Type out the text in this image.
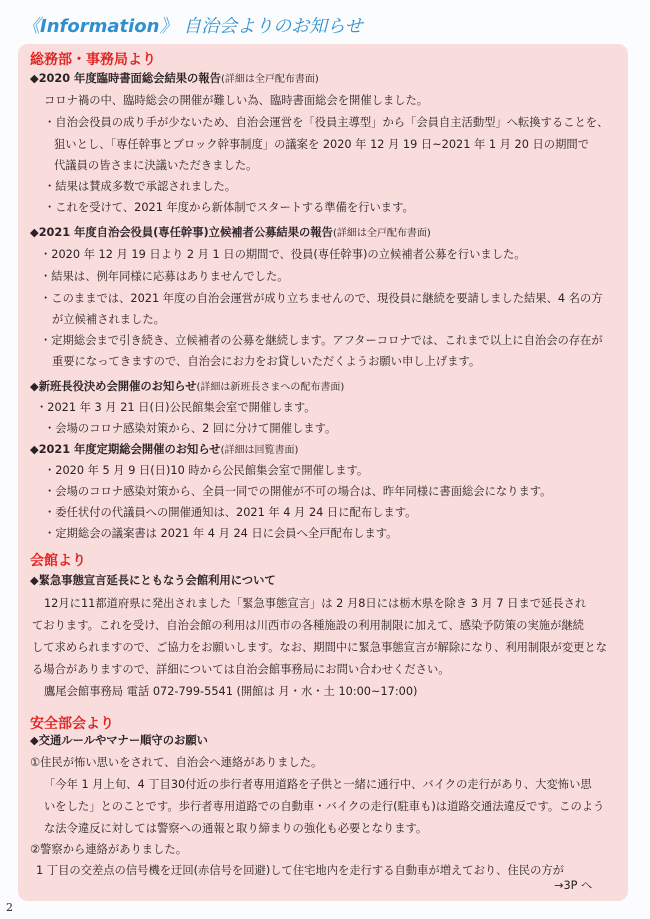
《Information》 自治会よりのお知らせ
総務部・事務局より
◆2020 年度臨時書面総会結果の報告(詳細は全戸配布書面)
コロナ禍の中、臨時総会の開催が難しい為、臨時書面総会を開催しました。
・自治会役員の成り手が少ないため、自治会運営を「役員主導型」から「会員自主活動型」へ転換することを、
狙いとし、「専任幹事とブロック幹事制度」の議案を 2020 年 12 月 19 日~2021 年 1 月 20 日の期間で
代議員の皆さまに決議いただきました。
・結果は賛成多数で承認されました。
・これを受けて、2021 年度から新体制でスタートする準備を行います。
◆2021 年度自治会役員(専任幹事)立候補者公募結果の報告(詳細は全戸配布書面)
・2020 年 12 月 19 日より 2 月 1 日の期間で、役員(専任幹事)の立候補者公募を行いました。
・結果は、例年同様に応募はありませんでした。
・このままでは、2021 年度の自治会運営が成り立ちませんので、現役員に継続を要請しました結果、4 名の方
が立候補されました。
・定期総会まで引き続き、立候補者の公募を継続します。アフターコロナでは、これまで以上に自治会の存在が
重要になってきますので、自治会にお力をお貸しいただくようお願い申し上げます。
◆新班長役決め会開催のお知らせ(詳細は新班長さまへの配布書面)
・2021 年 3 月 21 日(日)公民館集会室で開催します。
・会場のコロナ感染対策から、2 回に分けて開催します。
◆2021 年度定期総会開催のお知らせ(詳細は回覧書面)
・2020 年 5 月 9 日(日)10 時から公民館集会室で開催します。
・会場のコロナ感染対策から、全員一同での開催が不可の場合は、昨年同様に書面総会になります。
・委任状付の代議員への開催通知は、2021 年 4 月 24 日に配布します。
・定期総会の議案書は 2021 年 4 月 24 日に会員へ全戸配布します。
会館より
◆緊急事態宣言延長にともなう会館利用について
12月に11都道府県に発出されました「緊急事態宣言」は 2 月8日には栃木県を除き 3 月 7 日まで延長され
ております。これを受け、自治会館の利用は川西市の各種施設の利用制限に加えて、感染予防策の実施が継続
して求められますので、ご協力をお願いします。なお、期間中に緊急事態宣言が解除になり、利用制限が変更とな
る場合がありますので、詳細については自治会館事務局にお問い合わせください。
鷹尾会館事務局 電話 072-799-5541 (開館は 月・水・土 10:00~17:00)
安全部会より
◆交通ルールやマナー順守のお願い
①住民が怖い思いをされて、自治会へ連絡がありました。
「今年 1 月上旬、4 丁目30付近の歩行者専用道路を子供と一緒に通行中、バイクの走行があり、大変怖い思
いをした」とのことです。歩行者専用道路での自動車・バイクの走行(駐車も)は道路交通法違反です。このよう
な法令違反に対しては警察への通報と取り締まりの強化も必要となります。
②警察から連絡がありました。
1 丁目の交差点の信号機を迂回(赤信号を回避)して住宅地内を走行する自動車が増えており、住民の方が
→3P へ
2
